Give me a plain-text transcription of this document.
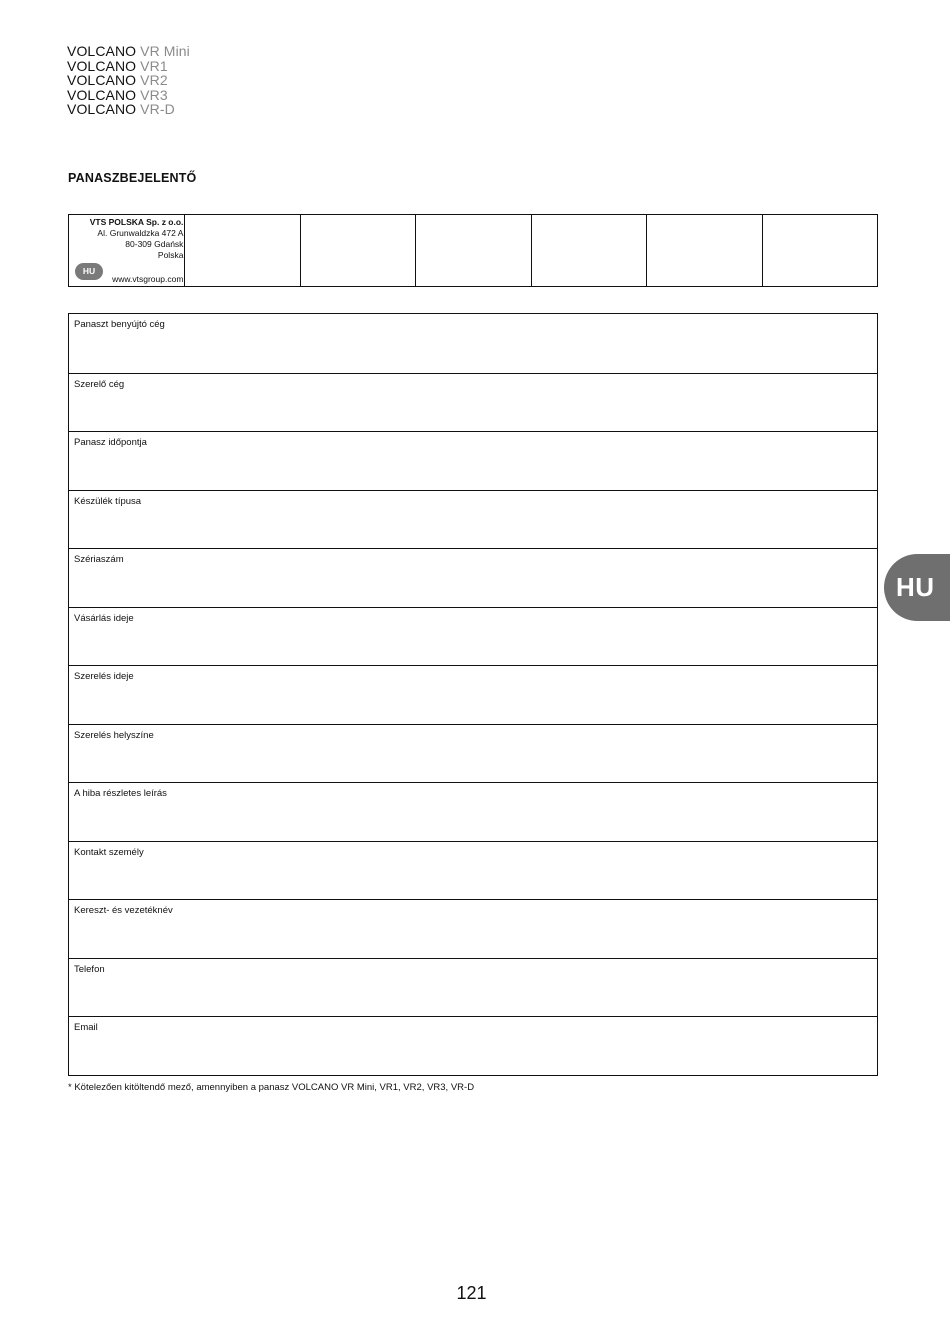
VOLCANO VR Mini
VOLCANO VR1
VOLCANO VR2
VOLCANO VR3
VOLCANO VR-D
PANASZBEJELENTŐ
VTS POLSKA Sp. z o.o.
Al. Grunwaldzka 472 A
80-309 Gdańsk
Polska
HU
www.vtsgroup.com
Panaszt benyújtó cég
Szerelő cég
Panasz időpontja
Készülék típusa
Szériaszám
Vásárlás ideje
Szerelés ideje
Szerelés helyszíne
A hiba részletes leírás
Kontakt személy
Kereszt- és vezetéknév
Telefon
Email
* Kötelezően kitöltendő mező, amennyiben a panasz VOLCANO VR Mini, VR1, VR2, VR3, VR-D
HU
121
